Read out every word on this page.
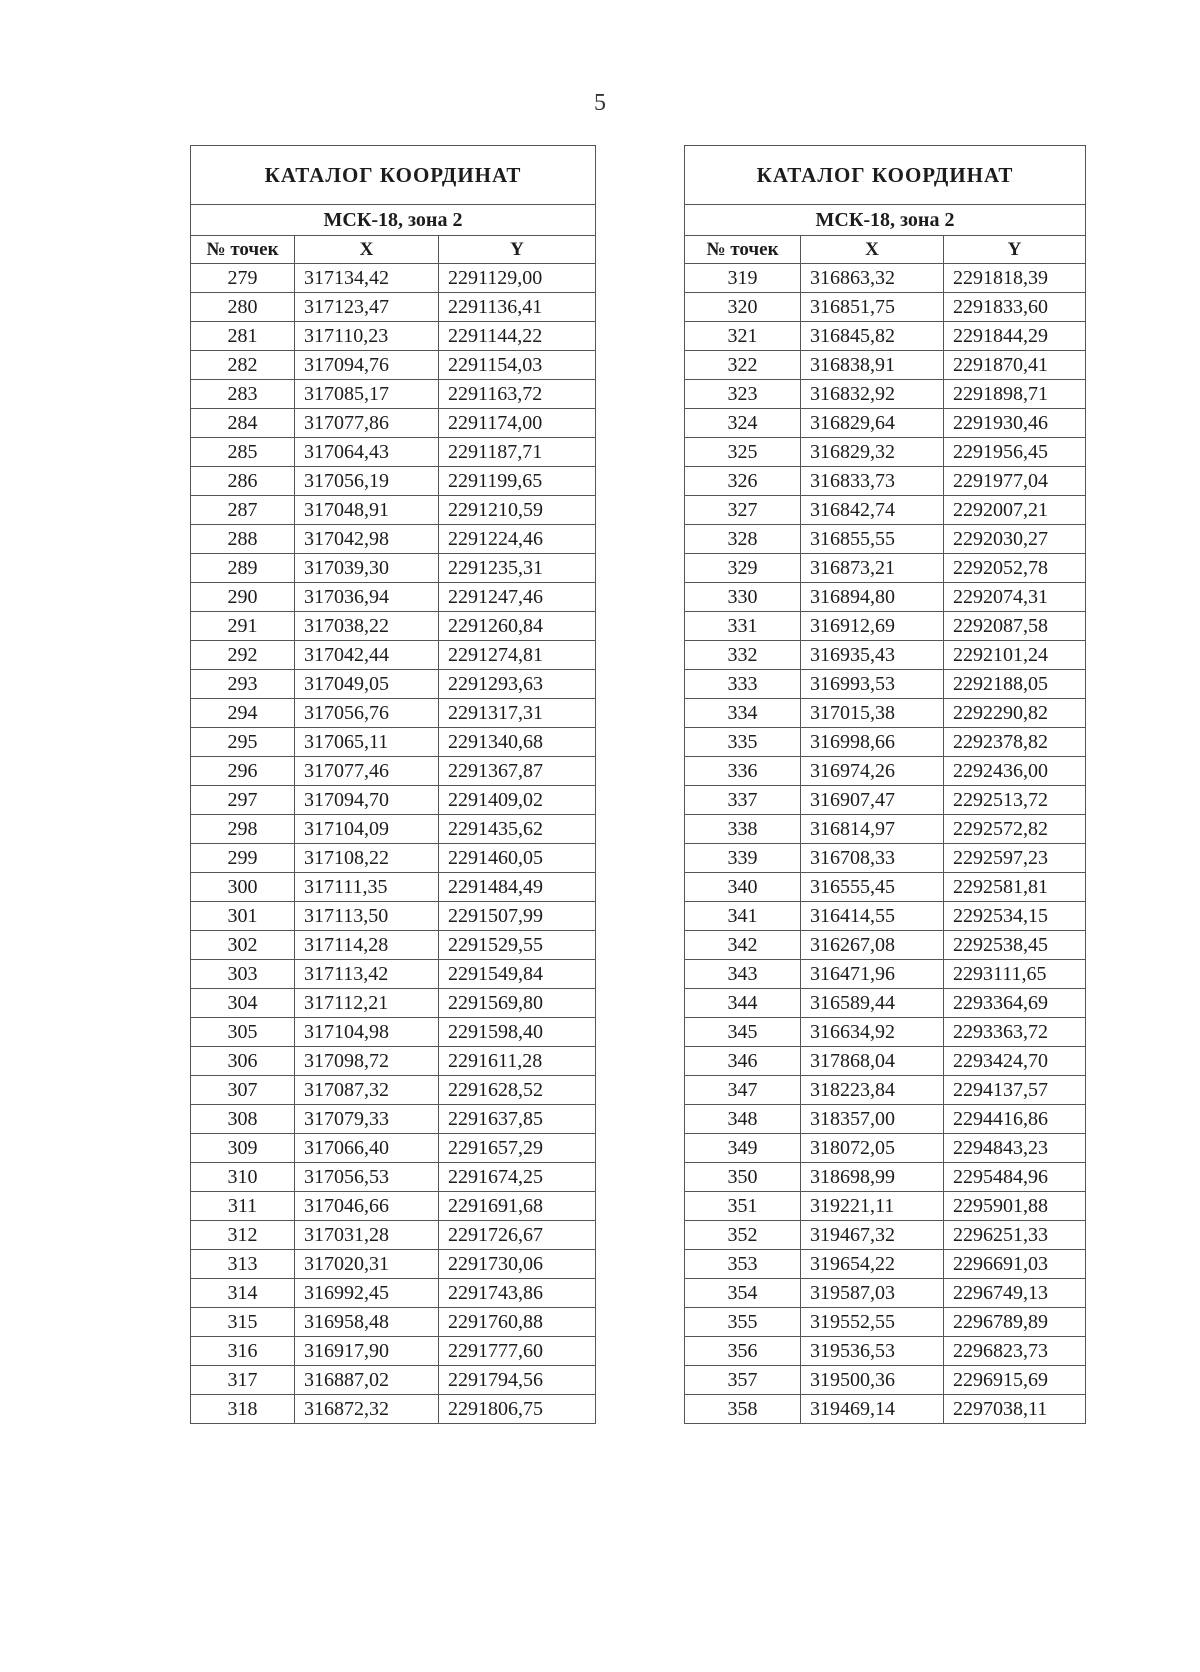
5
КАТАЛОГ КООРДИНАТ		
МСК-18, зона 2		
№ точек	X	Y
279	317134,42	2291129,00
280	317123,47	2291136,41
281	317110,23	2291144,22
282	317094,76	2291154,03
283	317085,17	2291163,72
284	317077,86	2291174,00
285	317064,43	2291187,71
286	317056,19	2291199,65
287	317048,91	2291210,59
288	317042,98	2291224,46
289	317039,30	2291235,31
290	317036,94	2291247,46
291	317038,22	2291260,84
292	317042,44	2291274,81
293	317049,05	2291293,63
294	317056,76	2291317,31
295	317065,11	2291340,68
296	317077,46	2291367,87
297	317094,70	2291409,02
298	317104,09	2291435,62
299	317108,22	2291460,05
300	317111,35	2291484,49
301	317113,50	2291507,99
302	317114,28	2291529,55
303	317113,42	2291549,84
304	317112,21	2291569,80
305	317104,98	2291598,40
306	317098,72	2291611,28
307	317087,32	2291628,52
308	317079,33	2291637,85
309	317066,40	2291657,29
310	317056,53	2291674,25
311	317046,66	2291691,68
312	317031,28	2291726,67
313	317020,31	2291730,06
314	316992,45	2291743,86
315	316958,48	2291760,88
316	316917,90	2291777,60
317	316887,02	2291794,56
318	316872,32	2291806,75
КАТАЛОГ КООРДИНАТ		
МСК-18, зона 2		
№ точек	X	Y
319	316863,32	2291818,39
320	316851,75	2291833,60
321	316845,82	2291844,29
322	316838,91	2291870,41
323	316832,92	2291898,71
324	316829,64	2291930,46
325	316829,32	2291956,45
326	316833,73	2291977,04
327	316842,74	2292007,21
328	316855,55	2292030,27
329	316873,21	2292052,78
330	316894,80	2292074,31
331	316912,69	2292087,58
332	316935,43	2292101,24
333	316993,53	2292188,05
334	317015,38	2292290,82
335	316998,66	2292378,82
336	316974,26	2292436,00
337	316907,47	2292513,72
338	316814,97	2292572,82
339	316708,33	2292597,23
340	316555,45	2292581,81
341	316414,55	2292534,15
342	316267,08	2292538,45
343	316471,96	2293111,65
344	316589,44	2293364,69
345	316634,92	2293363,72
346	317868,04	2293424,70
347	318223,84	2294137,57
348	318357,00	2294416,86
349	318072,05	2294843,23
350	318698,99	2295484,96
351	319221,11	2295901,88
352	319467,32	2296251,33
353	319654,22	2296691,03
354	319587,03	2296749,13
355	319552,55	2296789,89
356	319536,53	2296823,73
357	319500,36	2296915,69
358	319469,14	2297038,11
